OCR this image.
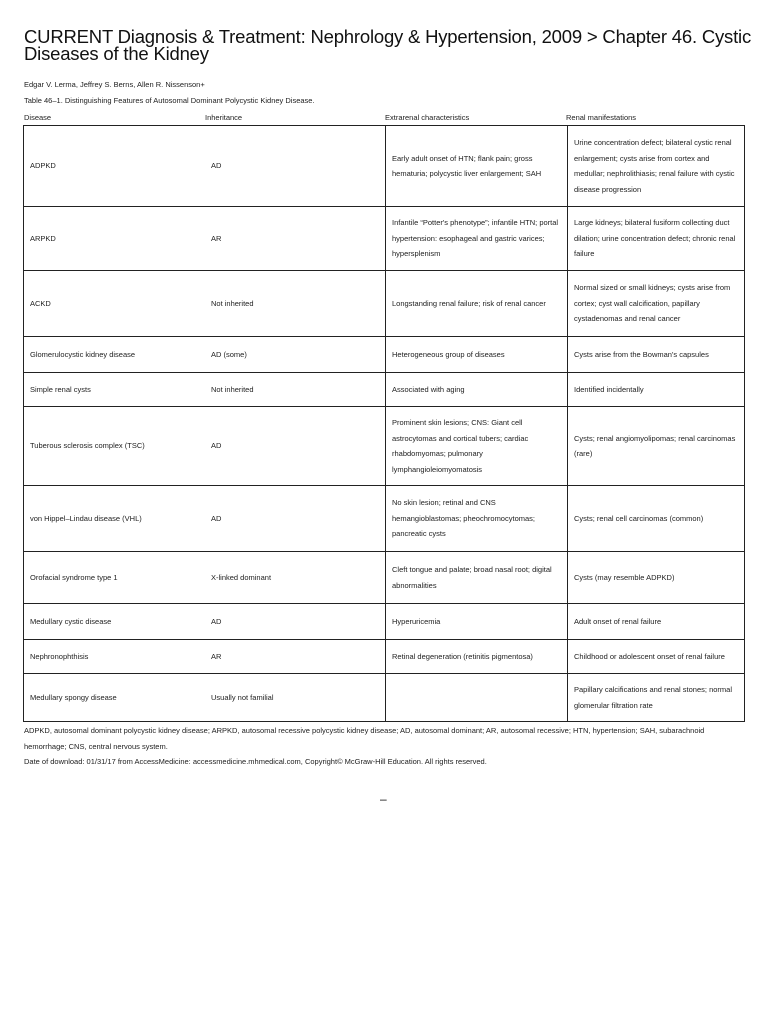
CURRENT Diagnosis & Treatment: Nephrology & Hypertension, 2009 > Chapter 46. Cystic Diseases of the Kidney
Edgar V. Lerma, Jeffrey S. Berns, Allen R. Nissenson+
Table 46–1. Distinguishing Features of Autosomal Dominant Polycystic Kidney Disease.
Disease	Inheritance	Extrarenal characteristics	Renal manifestations
ADPKD	AD	Early adult onset of HTN; flank pain; gross hematuria; polycystic liver enlargement; SAH	Urine concentration defect; bilateral cystic renal enlargement; cysts arise from cortex and medullar; nephrolithiasis; renal failure with cystic disease progression
ARPKD	AR	Infantile “Potter's phenotype”; infantile HTN; portal hypertension: esophageal and gastric varices; hypersplenism	Large kidneys; bilateral fusiform collecting duct dilation; urine concentration defect; chronic renal failure
ACKD	Not inherited	Longstanding renal failure; risk of renal cancer	Normal sized or small kidneys; cysts arise from cortex; cyst wall calcification, papillary cystadenomas and renal cancer
Glomerulocystic kidney disease	AD (some)	Heterogeneous group of diseases	Cysts arise from the Bowman's capsules
Simple renal cysts	Not inherited	Associated with aging	Identified incidentally
Tuberous sclerosis complex (TSC)	AD	Prominent skin lesions; CNS: Giant cell astrocytomas and cortical tubers; cardiac rhabdomyomas; pulmonary lymphangioleiomyomatosis	Cysts; renal angiomyolipomas; renal carcinomas (rare)
von Hippel–Lindau disease (VHL)	AD	No skin lesion; retinal and CNS hemangioblastomas; pheochromocytomas; pancreatic cysts	Cysts; renal cell carcinomas (common)
Orofacial syndrome type 1	X-linked dominant	Cleft tongue and palate; broad nasal root; digital abnormalities	Cysts (may resemble ADPKD)
Medullary cystic disease	AD	Hyperuricemia	Adult onset of renal failure
Nephronophthisis	AR	Retinal degeneration (retinitis pigmentosa)	Childhood or adolescent onset of renal failure
Medullary spongy disease	Usually not familial		Papillary calcifications and renal stones; normal glomerular filtration rate
ADPKD, autosomal dominant polycystic kidney disease; ARPKD, autosomal recessive polycystic kidney disease; AD, autosomal dominant; AR, autosomal recessive; HTN, hypertension; SAH, subarachnoid hemorrhage; CNS, central nervous system.
Date of download: 01/31/17 from AccessMedicine: accessmedicine.mhmedical.com, Copyright© McGraw-Hill Education. All rights reserved.
–
